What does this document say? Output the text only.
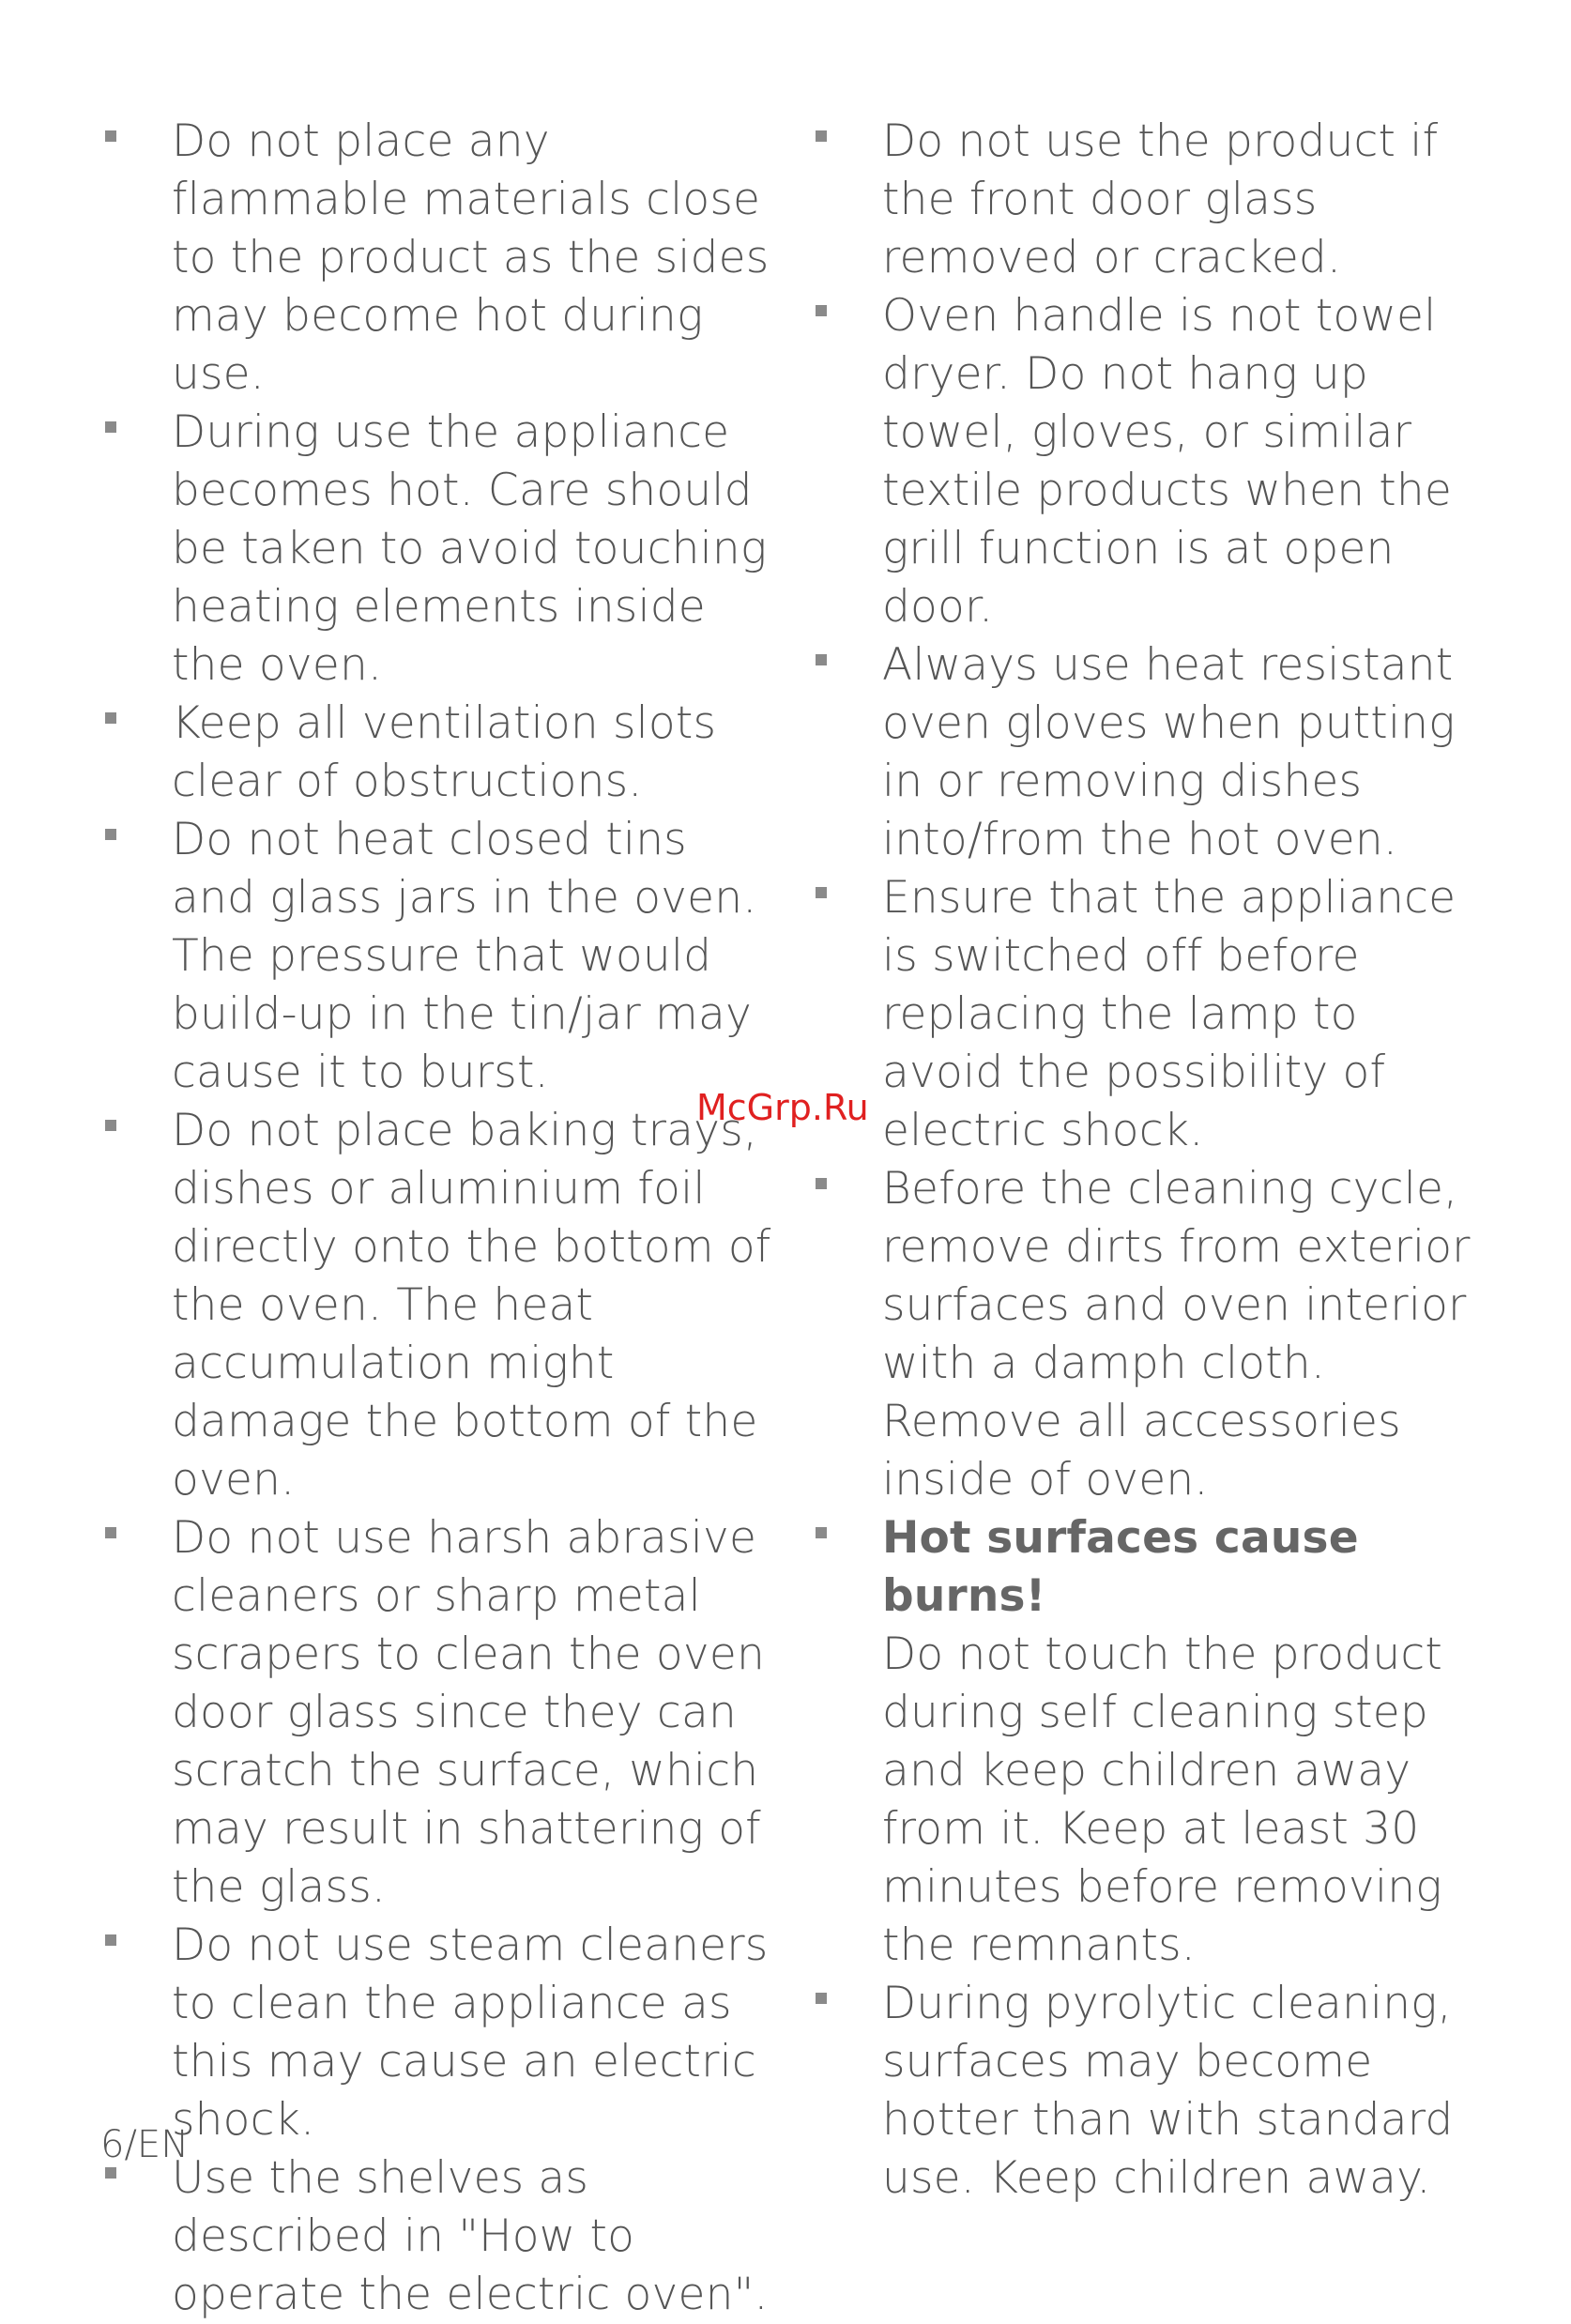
Do not place any flammable materials close to the product as the sides may become hot during use.
During use the appliance becomes hot. Care should be taken to avoid touching heating elements inside the oven.
Keep all ventilation slots clear of obstructions.
Do not heat closed tins and glass jars in the oven. The pressure that would build-up in the tin/jar may cause it to burst.
Do not place baking trays, dishes or aluminium foil directly onto the bottom of the oven. The heat accumulation might damage the bottom of the oven.
Do not use harsh abrasive cleaners or sharp metal scrapers to clean the oven door glass since they can scratch the surface, which may result in shattering of the glass.
Do not use steam cleaners to clean the appliance as this may cause an electric shock.
Use the shelves as described in "How to operate the electric oven".
Do not use the product if the front door glass removed or cracked.
Oven handle is not towel dryer. Do not hang up towel, gloves, or similar textile products when the grill function is at open door.
Always use heat resistant oven gloves when putting in or removing dishes into/from the hot oven.
Ensure that the appliance is switched off before replacing the lamp to avoid the possibility of electric shock.
Before the cleaning cycle, remove dirts from exterior surfaces and oven interior with a damph cloth. Remove all accessories inside of oven.
Hot surfaces cause burns!
Do not touch the product during self cleaning step and keep children away from it. Keep at least 30 minutes before removing the remnants.
During pyrolytic cleaning, surfaces may become hotter than with standard use. Keep children away.
McGrp.Ru
6/EN
